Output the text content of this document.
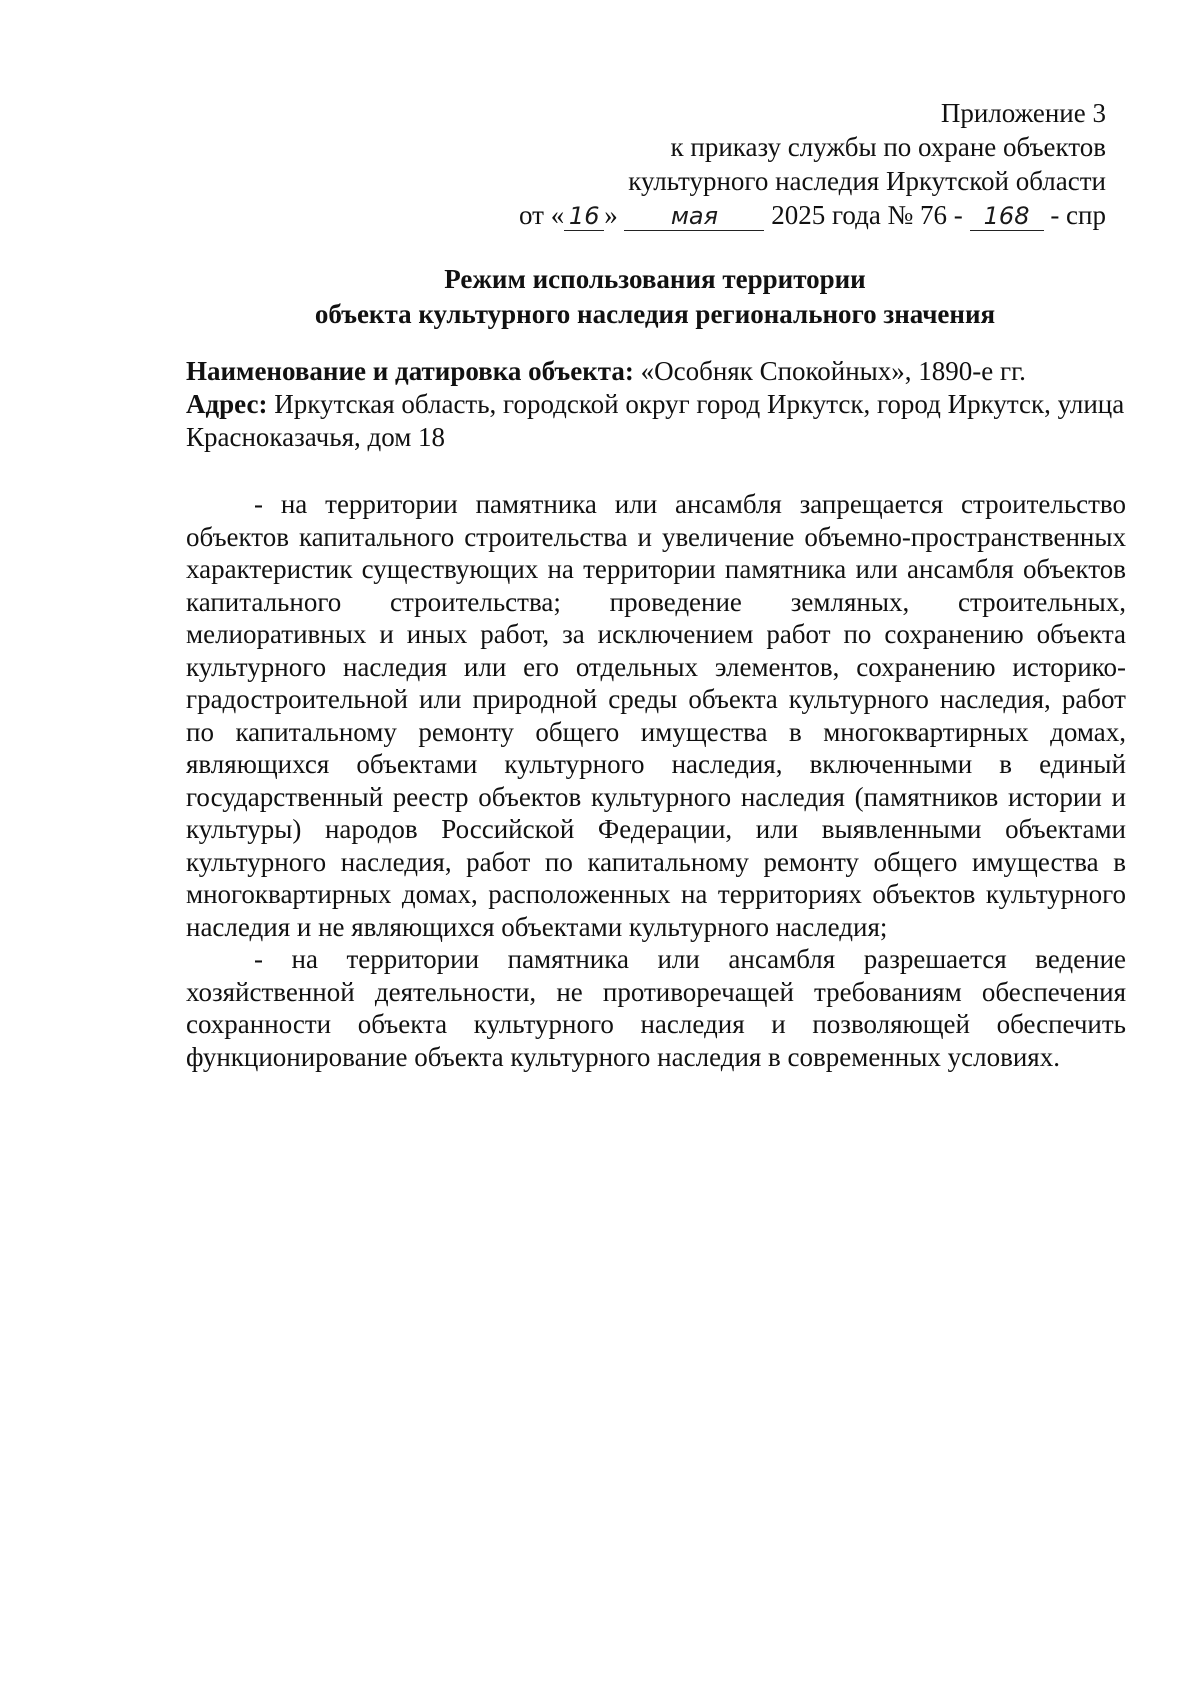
Приложение 3
к приказу службы по охране объектов
культурного наследия Иркутской области
от « 16 » мая 2025 года № 76 - 168 - спр
Режим использования территории
объекта культурного наследия регионального значения

Наименование и датировка объекта: «Особняк Спокойных», 1890-е гг.

Адрес: Иркутская область, городской округ город Иркутск, город Иркутск, улица Красноказачья, дом 18

- на территории памятника или ансамбля запрещается строительство объектов капитального строительства и увеличение объемно-пространственных характеристик существующих на территории памятника или ансамбля объектов капитального строительства; проведение земляных, строительных, мелиоративных и иных работ, за исключением работ по сохранению объекта культурного наследия или его отдельных элементов, сохранению историко-градостроительной или природной среды объекта культурного наследия, работ по капитальному ремонту общего имущества в многоквартирных домах, являющихся объектами культурного наследия, включенными в единый государственный реестр объектов культурного наследия (памятников истории и культуры) народов Российской Федерации, или выявленными объектами культурного наследия, работ по капитальному ремонту общего имущества в многоквартирных домах, расположенных на территориях объектов культурного наследия и не являющихся объектами культурного наследия;

- на территории памятника или ансамбля разрешается ведение хозяйственной деятельности, не противоречащей требованиям обеспечения сохранности объекта культурного наследия и позволяющей обеспечить функционирование объекта культурного наследия в современных условиях.
